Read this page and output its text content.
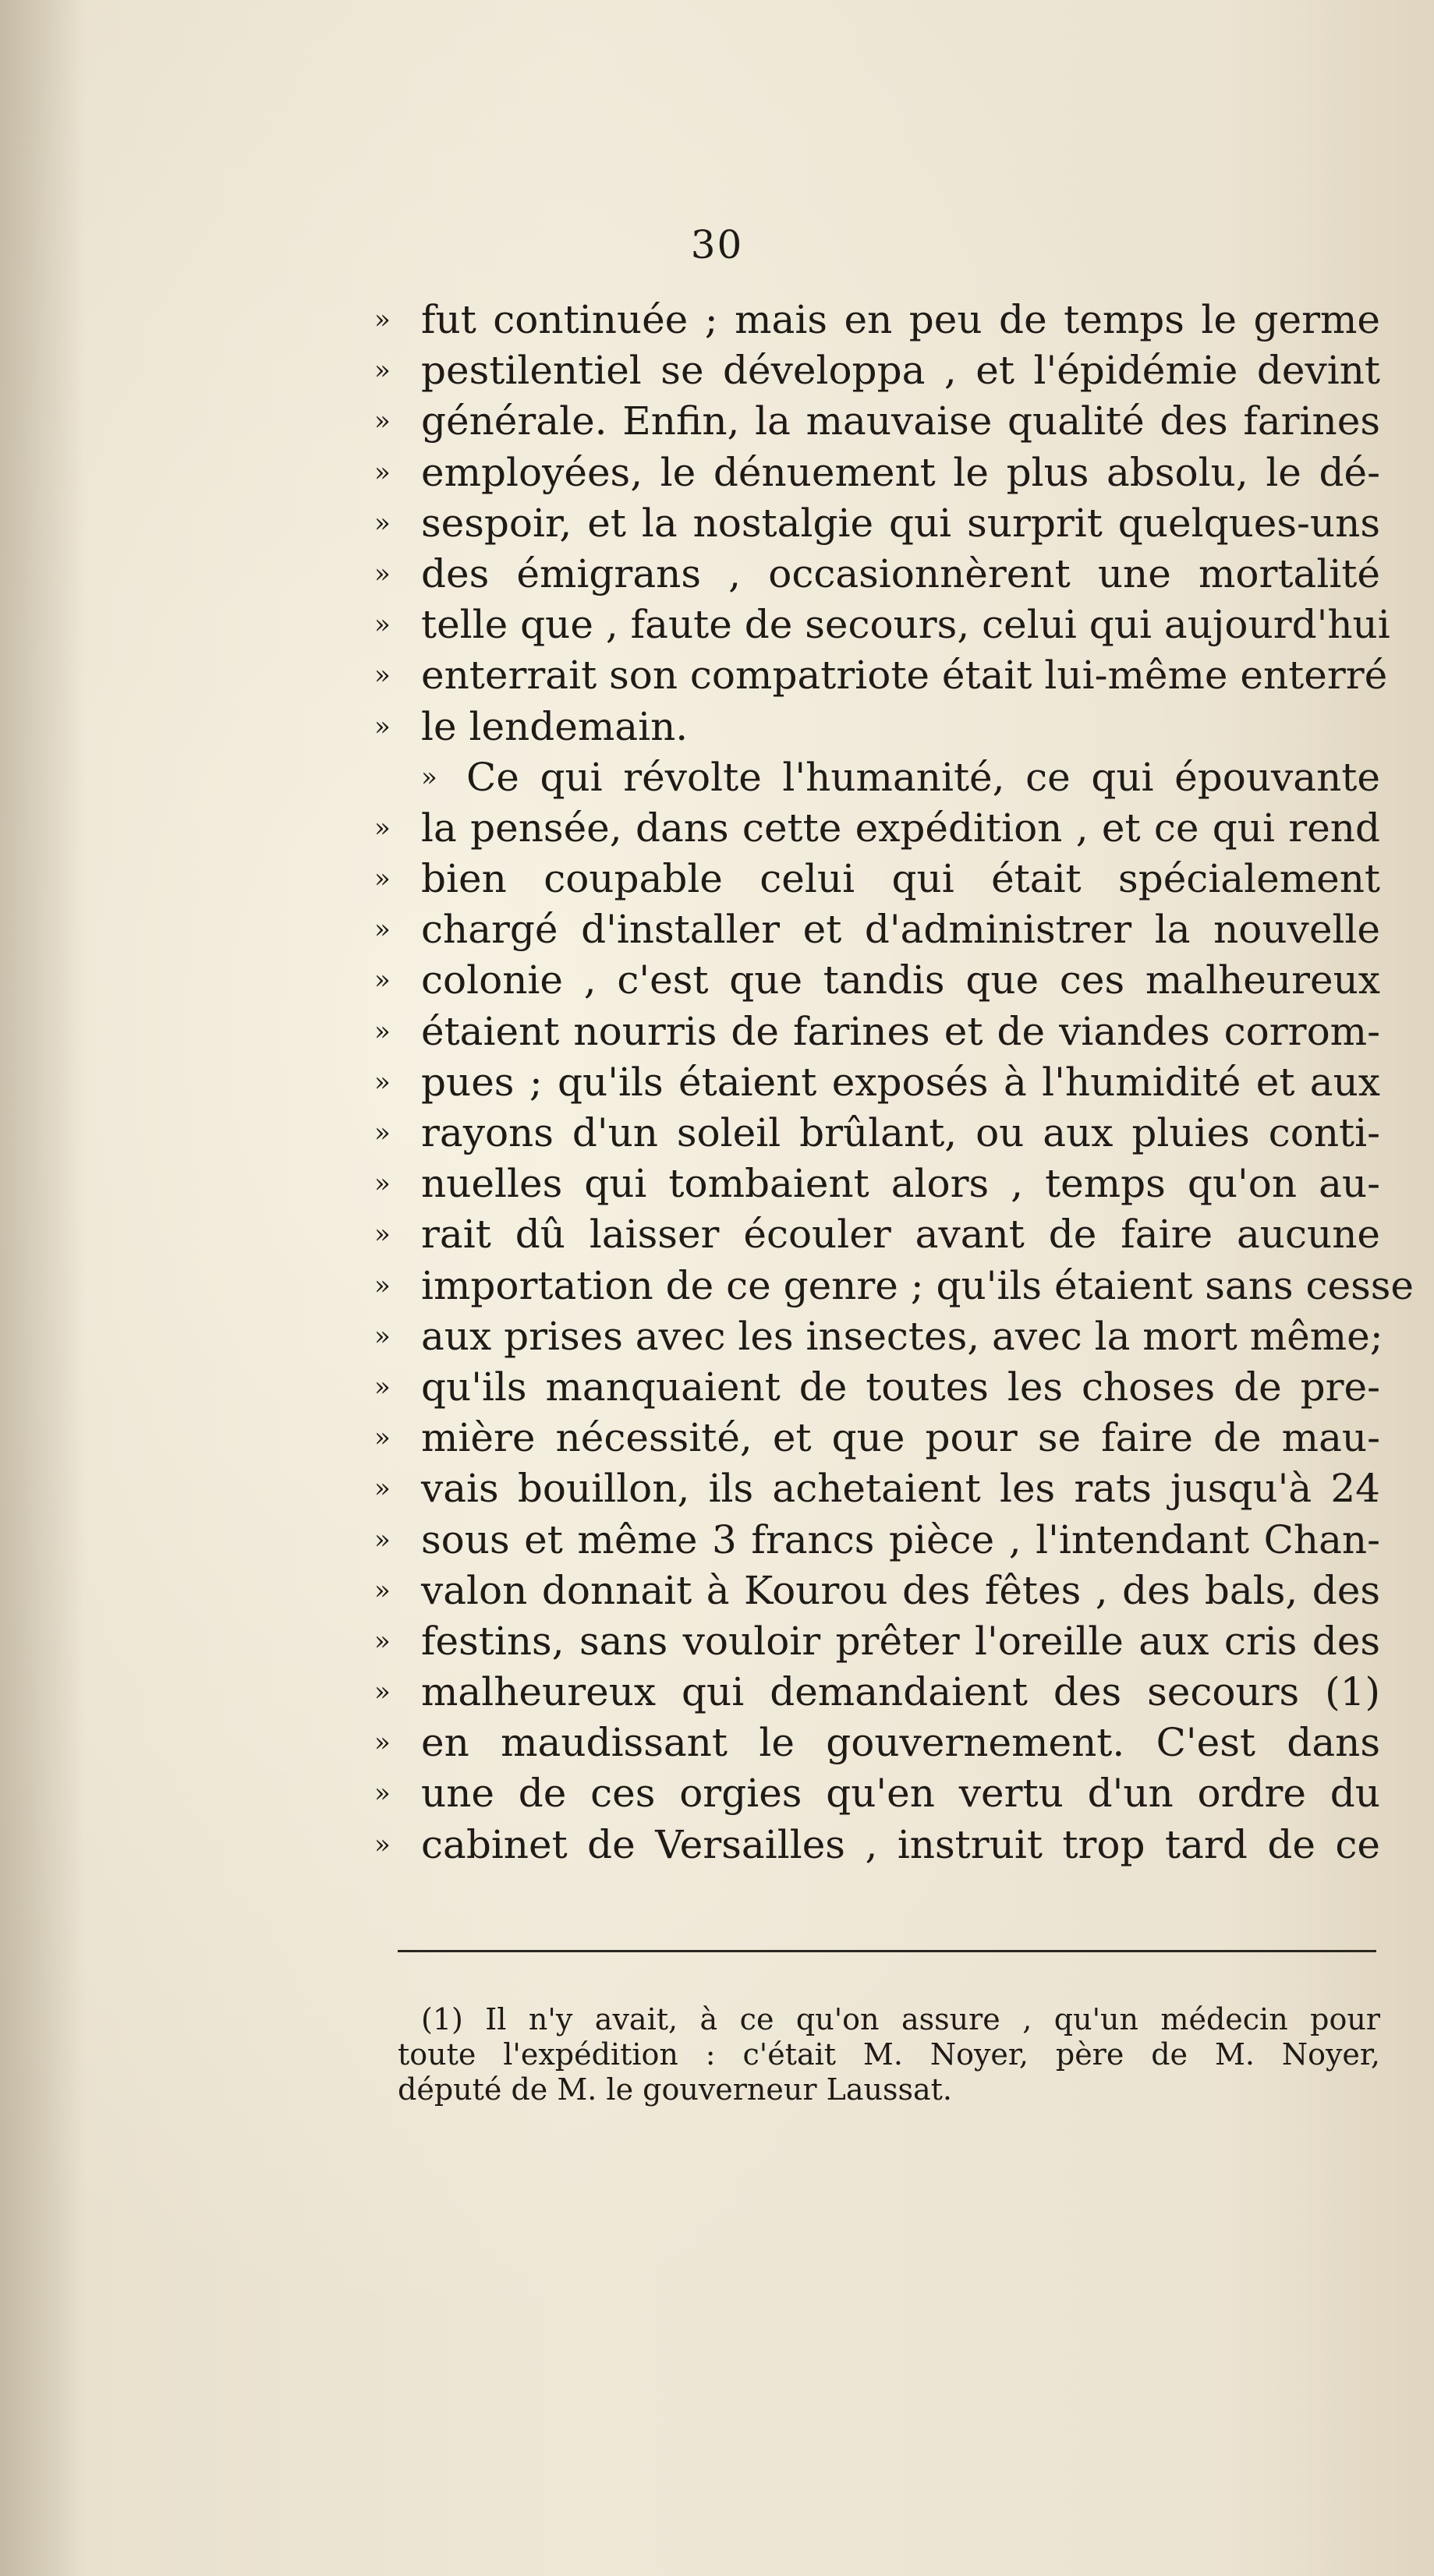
30
» fut continuée ; mais en peu de temps le germe
» pestilentiel se développa , et l'épidémie devint
» générale. Enfin, la mauvaise qualité des farines
» employées, le dénuement le plus absolu, le dé-
» sespoir, et la nostalgie qui surprit quelques-uns
» des émigrans , occasionnèrent une mortalité
» telle que , faute de secours, celui qui aujourd'hui
» enterrait son compatriote était lui-même enterré
» le lendemain.
» Ce qui révolte l'humanité, ce qui épouvante
» la pensée, dans cette expédition , et ce qui rend
» bien coupable celui qui était spécialement
» chargé d'installer et d'administrer la nouvelle
» colonie , c'est que tandis que ces malheureux
» étaient nourris de farines et de viandes corrom-
» pues ; qu'ils étaient exposés à l'humidité et aux
» rayons d'un soleil brûlant, ou aux pluies conti-
» nuelles qui tombaient alors , temps qu'on au-
» rait dû laisser écouler avant de faire aucune
» importation de ce genre ; qu'ils étaient sans cesse
» aux prises avec les insectes, avec la mort même;
» qu'ils manquaient de toutes les choses de pre-
» mière nécessité, et que pour se faire de mau-
» vais bouillon, ils achetaient les rats jusqu'à 24
» sous et même 3 francs pièce , l'intendant Chan-
» valon donnait à Kourou des fêtes , des bals, des
» festins, sans vouloir prêter l'oreille aux cris des
» malheureux qui demandaient des secours (1)
» en maudissant le gouvernement. C'est dans
» une de ces orgies qu'en vertu d'un ordre du
» cabinet de Versailles , instruit trop tard de ce
(1) Il n'y avait, à ce qu'on assure , qu'un médecin pour
toute l'expédition : c'était M. Noyer, père de M. Noyer,
député de M. le gouverneur Laussat.
